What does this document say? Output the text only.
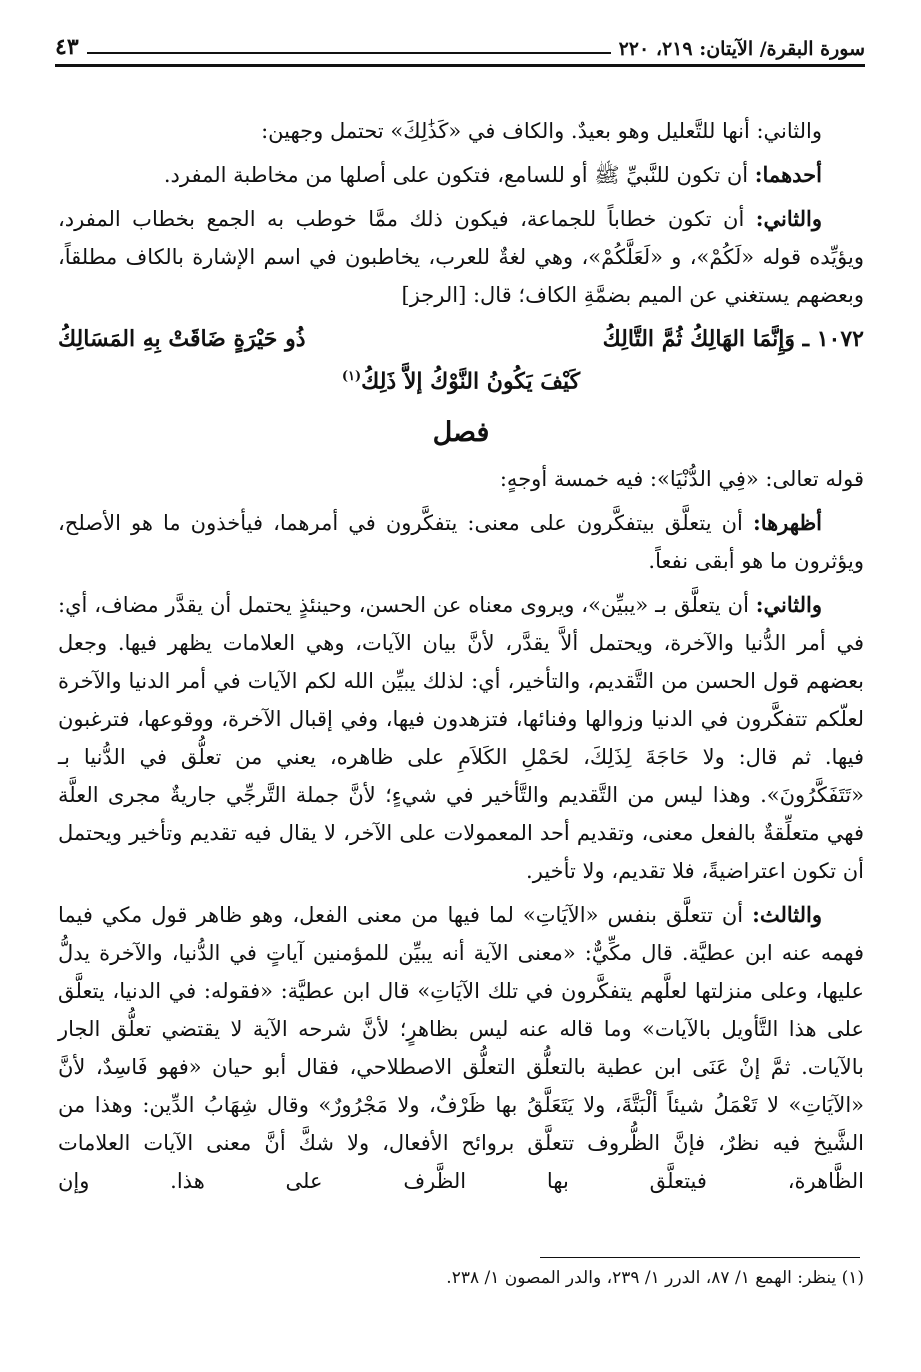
سورة البقرة/ الآيتان: ٢١٩، ٢٢٠
٤٣

والثاني: أنها للتَّعليل وهو بعيدٌ. والكاف في «كَذَٰلِكَ» تحتمل وجهين:

أحدهما: أن تكون للنَّبيِّ ﷺ أو للسامع، فتكون على أصلها من مخاطبة المفرد.

والثاني: أن تكون خطاباً للجماعة، فيكون ذلك ممَّا خوطب به الجمع بخطاب المفرد، ويؤيِّده قوله «لَكُمْ»، و «لَعَلَّكُمْ»، وهي لغةٌ للعرب، يخاطبون في اسم الإشارة بالكاف مطلقاً، وبعضهم يستغني عن الميم بضمَّةِ الكاف؛ قال: [الرجز]

١٠٧٢ ـ وَإِنَّمَا الهَالِكُ ثُمَّ التَّالِكُ
ذُو حَيْرَةٍ ضَاقَتْ بِهِ المَسَالِكُ
كَيْفَ يَكُونُ النَّوْكُ إلاَّ ذَلِكُ$^{(١)}$
فصل

قوله تعالى: «فِي الدُّنْيَا»: فيه خمسة أوجهٍ:

أظهرها: أن يتعلَّق بيتفكَّرون على معنى: يتفكَّرون في أمرهما، فيأخذون ما هو الأصلح، ويؤثرون ما هو أبقى نفعاً.

والثاني: أن يتعلَّق بـ «يبيِّن»، ويروى معناه عن الحسن، وحينئذٍ يحتمل أن يقدَّر مضاف، أي: في أمر الدُّنيا والآخرة، ويحتمل ألاَّ يقدَّر، لأنَّ بيان الآيات، وهي العلامات يظهر فيها. وجعل بعضهم قول الحسن من التَّقديم، والتأخير، أي: لذلك يبيِّن الله لكم الآيات في أمر الدنيا والآخرة لعلّكم تتفكَّرون في الدنيا وزوالها وفنائها، فتزهدون فيها، وفي إقبال الآخرة، ووقوعها، فترغبون فيها. ثم قال: ولا حَاجَةَ لِذَلِكَ، لحَمْلِ الكَلاَمِ على ظاهره، يعني من تعلُّق في الدُّنيا بـ «تَتَفَكَّرُونَ». وهذا ليس من التَّقديم والتَّأخير في شيءٍ؛ لأنَّ جملة التَّرجِّي جاريةٌ مجرى العلَّة فهي متعلِّقةٌ بالفعل معنى، وتقديم أحد المعمولات على الآخر، لا يقال فيه تقديم وتأخير ويحتمل أن تكون اعتراضيةً، فلا تقديم، ولا تأخير.

والثالث: أن تتعلَّق بنفس «الآيَاتِ» لما فيها من معنى الفعل، وهو ظاهر قول مكي فيما فهمه عنه ابن عطيَّة. قال مكِّيٌّ: «معنى الآية أنه يبيِّن للمؤمنين آياتٍ في الدُّنيا، والآخرة يدلُّ عليها، وعلى منزلتها لعلَّهم يتفكَّرون في تلك الآيَاتِ» قال ابن عطيَّة: «فقوله: في الدنيا، يتعلَّق على هذا التَّأويل بالآيات» وما قاله عنه ليس بظاهرٍ؛ لأنَّ شرحه الآية لا يقتضي تعلُّق الجار بالآيات. ثمَّ إنْ عَنَى ابن عطية بالتعلُّق التعلُّق الاصطلاحي، فقال أبو حيان «فهو فَاسِدٌ، لأنَّ «الآيَاتِ» لا تَعْمَلُ شيئاً ألْبَتَّةَ، ولا يَتَعَلَّقُ بها ظَرْفٌ، ولا مَجْرُورٌ» وقال شِهَابُ الدِّين: وهذا من الشَّيخ فيه نظرٌ، فإنَّ الظُّروف تتعلَّق بروائح الأفعال، ولا شكَّ أنَّ معنى الآيات العلامات الظَّاهرة، فيتعلَّق بها الظَّرف على هذا. وإن

(١) ينظر: الهمع ١/ ٨٧، الدرر ١/ ٢٣٩، والدر المصون ١/ ٢٣٨.
